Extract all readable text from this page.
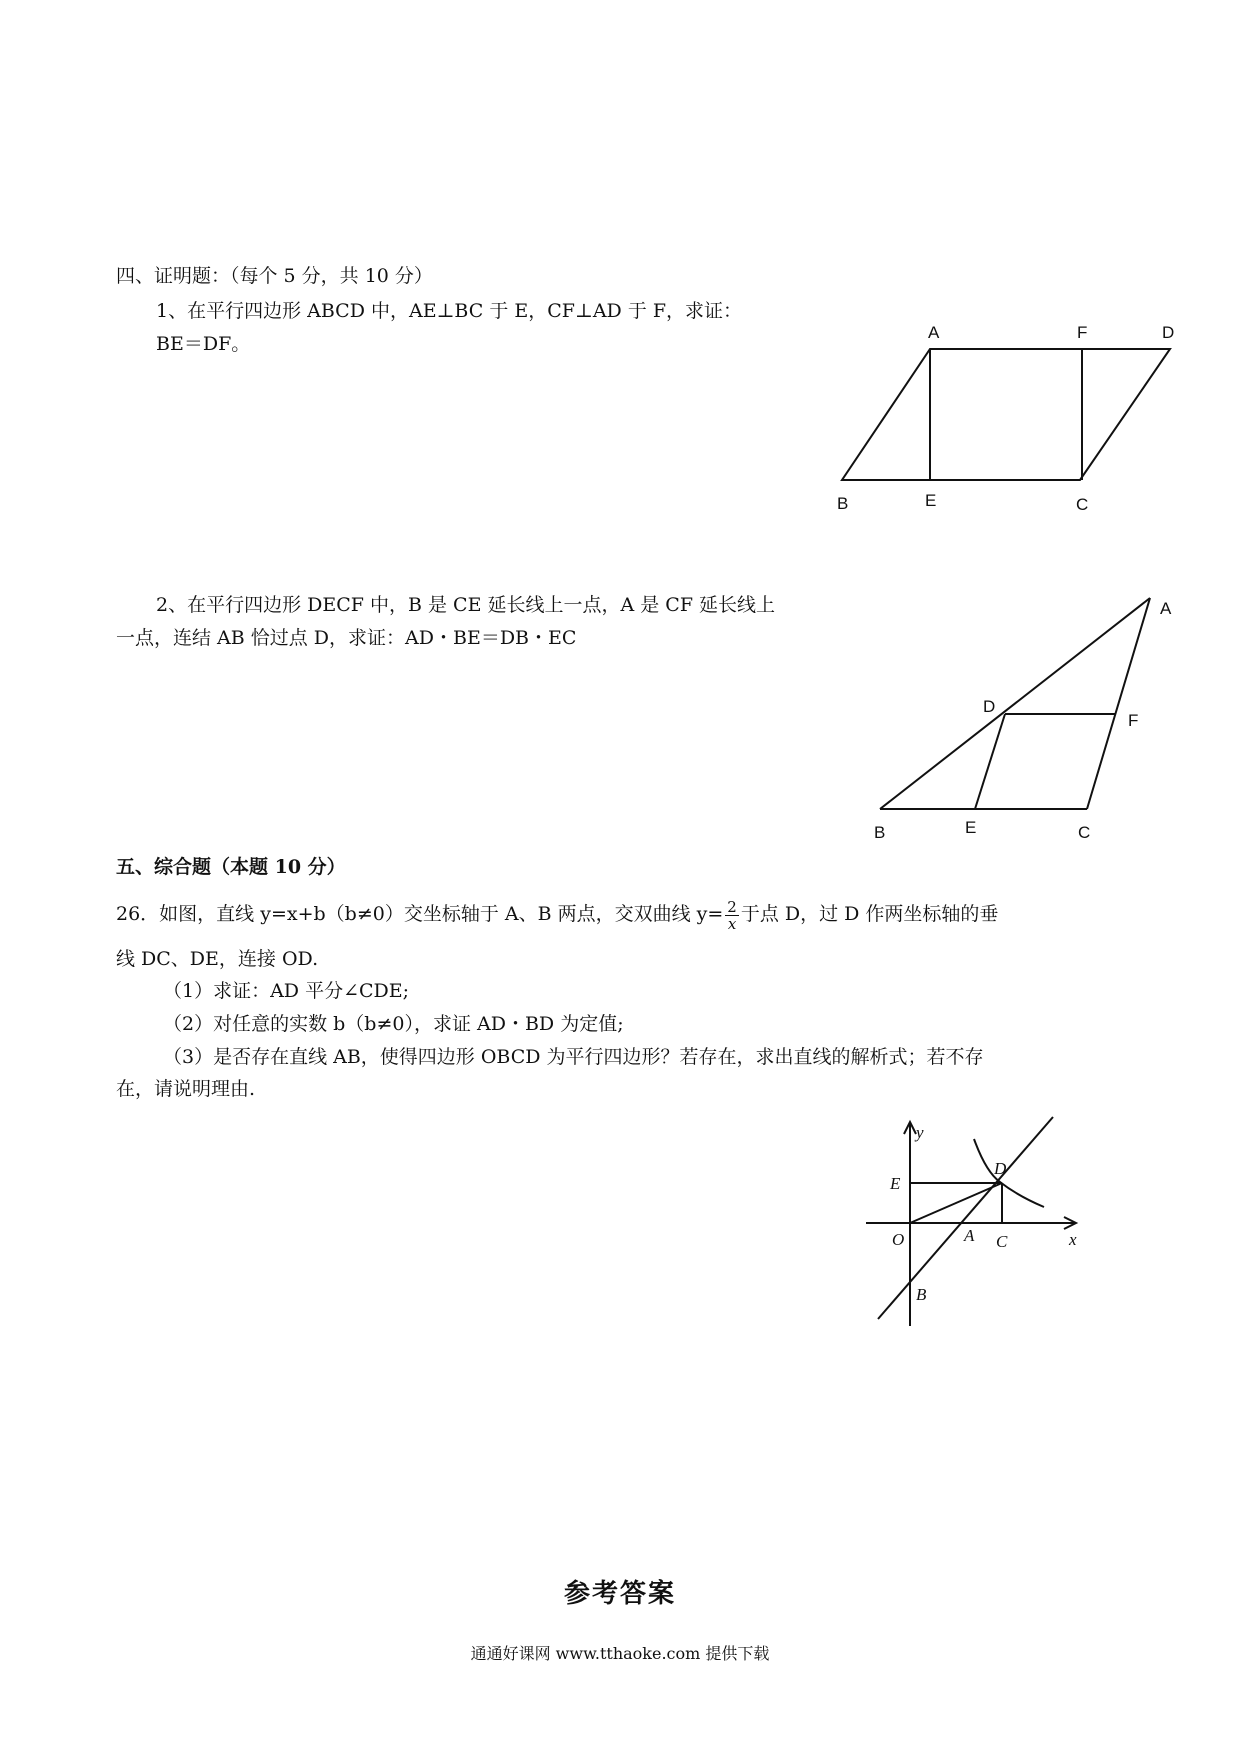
四、证明题：（每个 5 分，共 10 分）
1、在平行四边形 ABCD 中，AE⊥BC 于 E，CF⊥AD 于 F，求证：
BE＝DF。
2、在平行四边形 DECF 中，B 是 CE 延长线上一点，A 是 CF 延长线上
一点，连结 AB 恰过点 D，求证：AD・BE＝DB・EC
五、综合题（本题 10 分）
26．如图，直线 y=x+b（b≠0）交坐标轴于 A、B 两点，交双曲线 $y= \frac{2}{x}$ 于点 D，过 D 作两坐标轴的垂
线 DC、DE，连接 OD.
（1）求证：AD 平分∠CDE;
（2）对任意的实数 b（b≠0），求证 AD・BD 为定值;
（3）是否存在直线 AB，使得四边形 OBCD 为平行四边形？若存在，求出直线的解析式；若不存
在，请说明理由.
A	F	D
B	E	C
A
D
F
B	E	C
y
x
E
D
O	A C
B
参考答案
通通好课网 www.tthaoke.com 提供下载
